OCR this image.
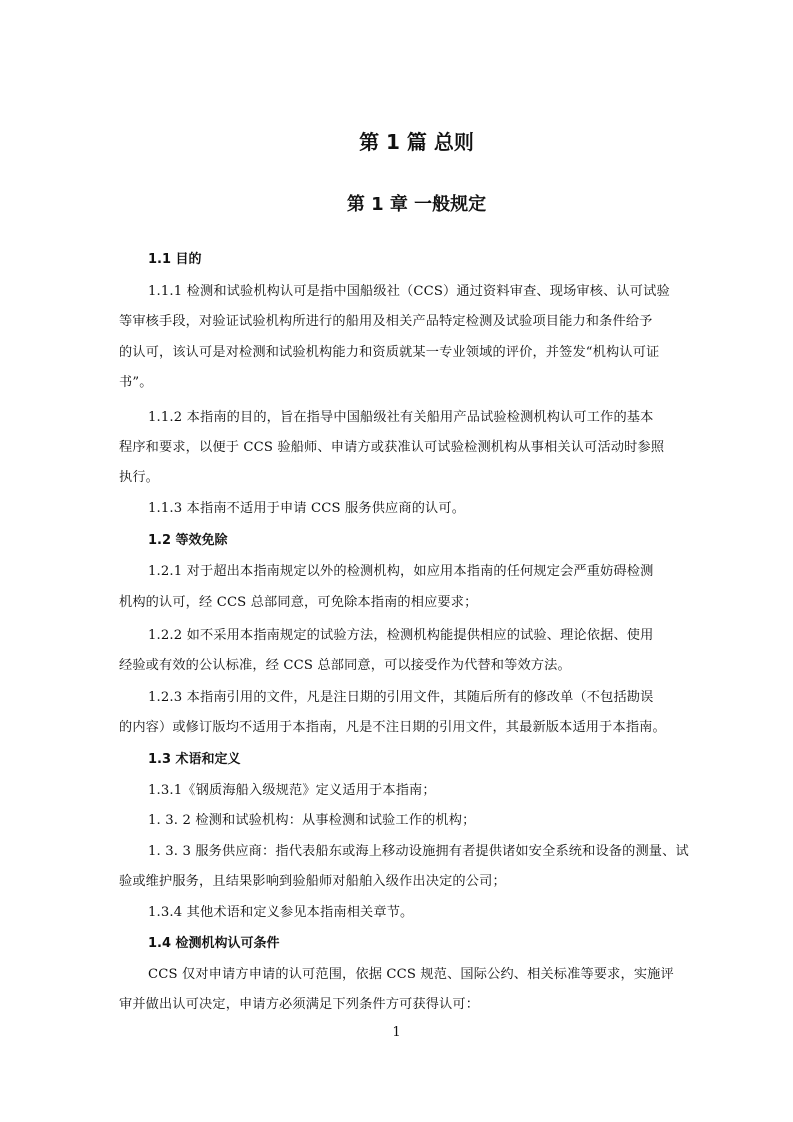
第 1 篇 总则
第 1 章 一般规定
1.1 目的
1.1.1 检测和试验机构认可是指中国船级社（CCS）通过资料审查、现场审核、认可试验
等审核手段，对验证试验机构所进行的船用及相关产品特定检测及试验项目能力和条件给予
的认可，该认可是对检测和试验机构能力和资质就某一专业领域的评价，并签发“机构认可证
书”。
1.1.2 本指南的目的，旨在指导中国船级社有关船用产品试验检测机构认可工作的基本
程序和要求，以便于 CCS 验船师、申请方或获准认可试验检测机构从事相关认可活动时参照
执行。
1.1.3 本指南不适用于申请 CCS 服务供应商的认可。
1.2 等效免除
1.2.1 对于超出本指南规定以外的检测机构，如应用本指南的任何规定会严重妨碍检测
机构的认可，经 CCS 总部同意，可免除本指南的相应要求；
1.2.2 如不采用本指南规定的试验方法，检测机构能提供相应的试验、理论依据、使用
经验或有效的公认标准，经 CCS 总部同意，可以接受作为代替和等效方法。
1.2.3 本指南引用的文件，凡是注日期的引用文件，其随后所有的修改单（不包括勘误
的内容）或修订版均不适用于本指南，凡是不注日期的引用文件，其最新版本适用于本指南。
1.3 术语和定义
1.3.1《钢质海船入级规范》定义适用于本指南；
1. 3. 2 检测和试验机构：从事检测和试验工作的机构；
1. 3. 3 服务供应商：指代表船东或海上移动设施拥有者提供诸如安全系统和设备的测量、试
验或维护服务，且结果影响到验船师对船舶入级作出决定的公司；
1.3.4 其他术语和定义参见本指南相关章节。
1.4 检测机构认可条件
CCS 仅对申请方申请的认可范围，依据 CCS 规范、国际公约、相关标准等要求，实施评
审并做出认可决定，申请方必须满足下列条件方可获得认可：
1
